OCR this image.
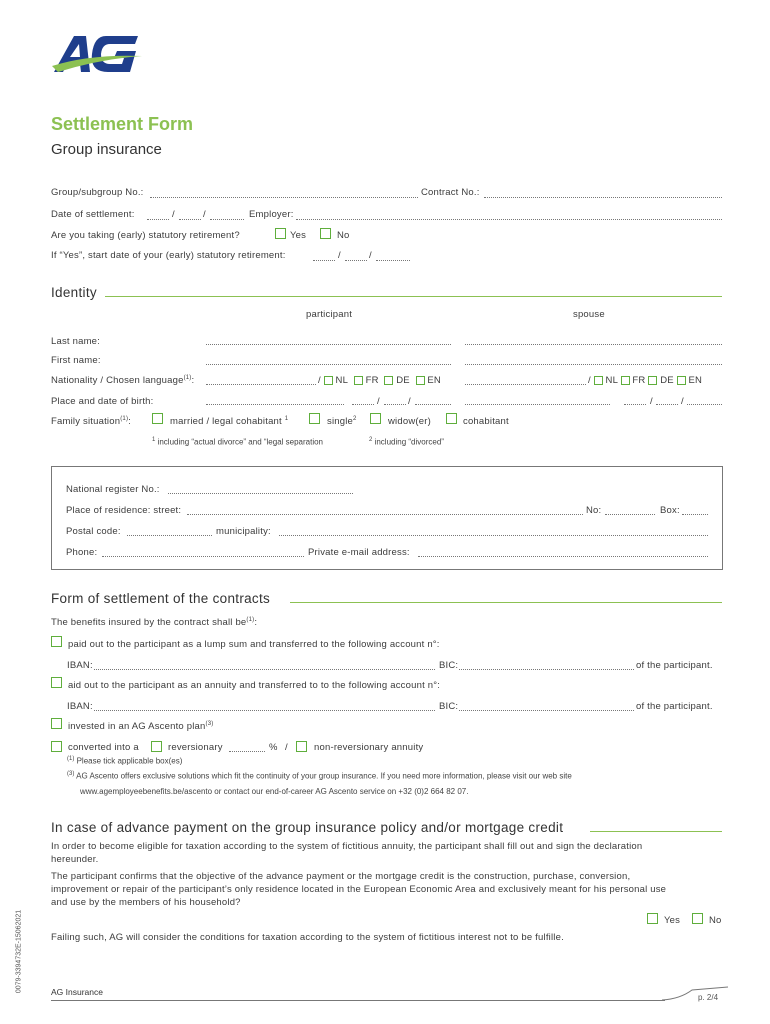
Settlement Form
Group insurance
Group/subgroup No.:	Contract No.:
Date of settlement:	/	/	Employer:
Are you taking (early) statutory retirement?	Yes	No
If “Yes”, start date of your (early) statutory retirement:	/	/
Identity
participant	spouse
Last name:
First name:
Nationality / Chosen language$^{(1)}$:	/ NL FR DE EN	/ NL FR DE EN
Place and date of birth:	/	/	/	/
Family situation$^{(1)}$:	married / legal cohabitant $^1$	single$^2$	widow(er)	cohabitant
$^1$ including “actual divorce” and “legal separation	$^2$ including “divorced”
National register No.:
Place of residence: street:	No:	Box:
Postal code:	municipality:
Phone:	Private e-mail address:
Form of settlement of the contracts
The benefits insured by the contract shall $be^{(1)}$:
paid out to the participant as a lump sum and transferred to the following account n°:
IBAN:	BIC:	of the participant.
aid out to the participant as an annuity and transferred to to the following account n°:
IBAN:	BIC:	of the participant.
invested in an AG Ascento plan$^{(3)}$
converted into a	reversionary	% /	non-reversionary annuity
$^{(1)}$ Please tick applicable box(es)
$^{(3)}$ AG Ascento offers exclusive solutions which fit the continuity of your group insurance. If you need more information, please visit our web site
www.agemployeebenefits.be/ascento or contact our end-of-career AG Ascento service on +32 (0)2 664 82 07.
In case of advance payment on the group insurance policy and/or mortgage credit
In order to become eligible for taxation according to the system of fictitious annuity, the participant shall fill out and sign the declaration
hereunder.
The participant confirms that the objective of the advance payment or the mortgage credit is the construction, purchase, conversion,
improvement or repair of the participant’s only residence located in the European Economic Area and exclusively meant for his personal use
and use by the members of his household?
Yes	No
Failing such, AG will consider the conditions for taxation according to the system of fictitious interest not to be fulfille.
0079-3394732E-15062021	AG Insurance
p. 2/4
